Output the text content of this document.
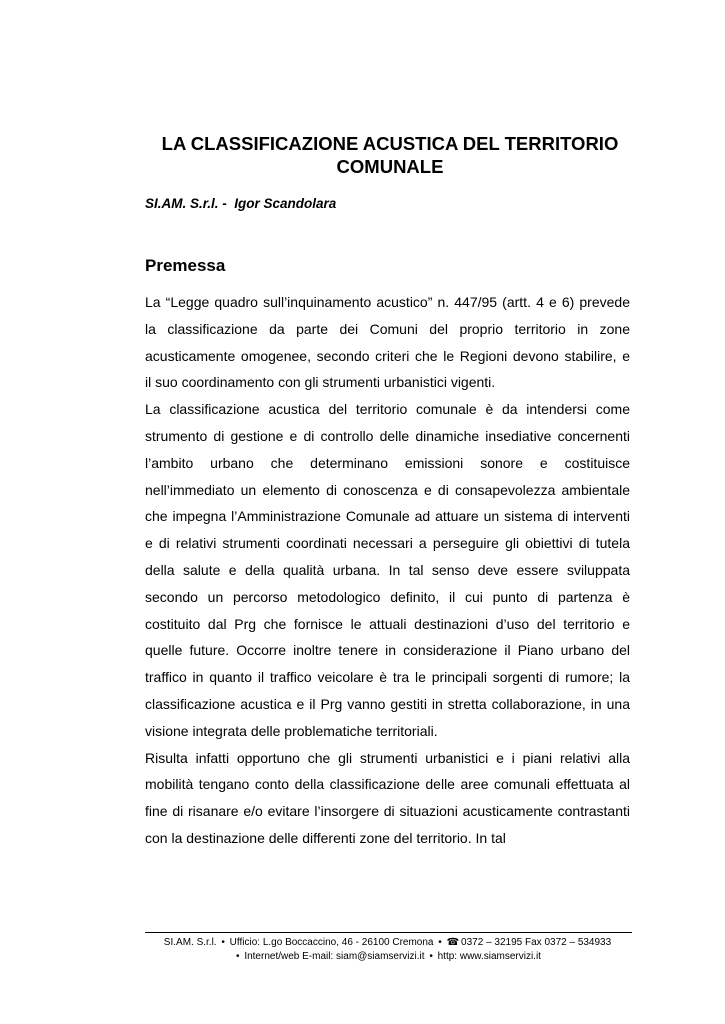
LA CLASSIFICAZIONE ACUSTICA DEL TERRITORIO
COMUNALE

SI.AM. S.r.l. -  Igor Scandolara

Premessa
La “Legge quadro sull’inquinamento acustico” n. 447/95 (artt. 4 e 6) prevede
la classificazione da parte dei Comuni del proprio territorio in zone
acusticamente omogenee, secondo criteri che le Regioni devono stabilire, e
il suo coordinamento con gli strumenti urbanistici vigenti.
La classificazione acustica del territorio comunale è da intendersi come
strumento di gestione e di controllo delle dinamiche insediative concernenti
l’ambito urbano che determinano emissioni sonore e costituisce
nell’immediato un elemento di conoscenza e di consapevolezza ambientale
che impegna l’Amministrazione Comunale ad attuare un sistema di interventi
e di relativi strumenti coordinati necessari a perseguire gli obiettivi di tutela
della salute e della qualità urbana. In tal senso deve essere sviluppata
secondo un percorso metodologico definito, il cui punto di partenza è
costituito dal Prg che fornisce le attuali destinazioni d’uso del territorio e
quelle future. Occorre inoltre tenere in considerazione il Piano urbano del
traffico in quanto il traffico veicolare è tra le principali sorgenti di rumore; la
classificazione acustica e il Prg vanno gestiti in stretta collaborazione, in una
visione integrata delle problematiche territoriali.
Risulta infatti opportuno che gli strumenti urbanistici e i piani relativi alla
mobilità tengano conto della classificazione delle aree comunali effettuata al
fine di risanare e/o evitare l’insorgere di situazioni acusticamente contrastanti
con la destinazione delle differenti zone del territorio. In tal
SI.AM. S.r.l. • Ufficio: L.go Boccaccino, 46 - 26100 Cremona • ☎ 0372 – 32195 Fax 0372 – 534933
• Internet/web E-mail: siam@siamservizi.it • http: www.siamservizi.it
